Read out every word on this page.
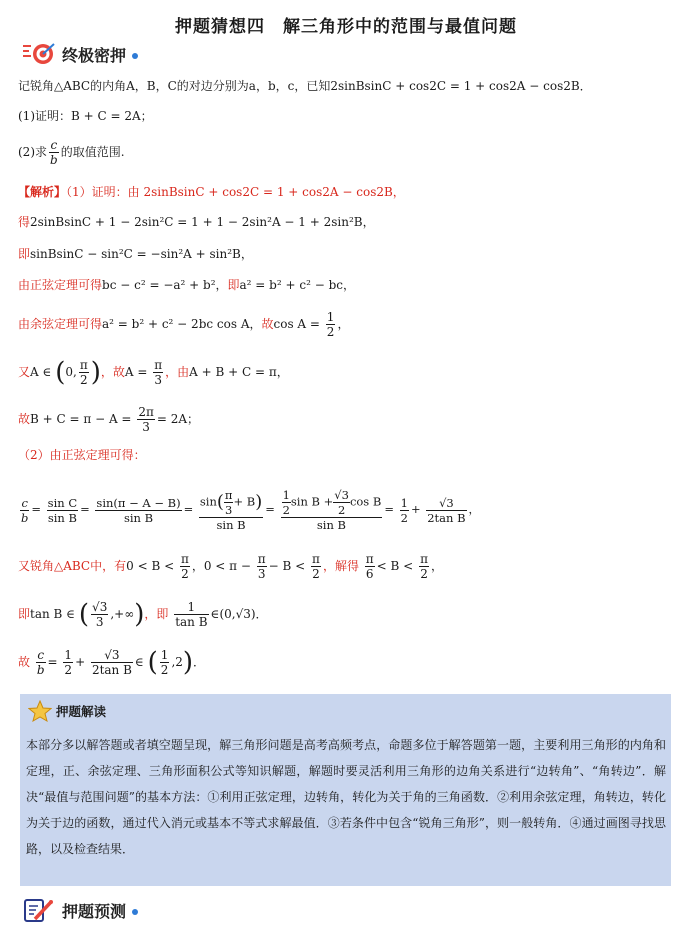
押题猜想四　解三角形中的范围与最值问题
终极密押
记锐角△ABC的内角A，B，C的对边分别为a，b，c，已知2sinBsinC + cos2C = 1 + cos2A − cos2B．
(1)证明：B + C = 2A；
(2)求 $\frac{c}{b}$ 的取值范围.
【解析】（1）证明：由 2sinBsinC + cos2C = 1 + cos2A − cos2B，
得2sinBsinC + 1 − 2sin²C = 1 + 1 − 2sin²A − 1 + 2sin²B，
即sinBsinC − sin²C = −sin²A + sin²B，
由正弦定理可得bc − c² = −a² + b²，即a² = b² + c² − bc，
由余弦定理可得a² = b² + c² − 2bc cos A，故$\cos A = \frac{1}{2}$ ，
又A ∈ (0, $\frac{\pi}{2}$ )，故$A = \frac{\pi}{3}$ ，由A + B + C = π，
故$B + C = \pi - A = \frac{2\pi}{3} = 2A$；
（2）由正弦定理可得：
$\frac{c}{b} = \frac{\text{sin C}}{\text{sin B}} = \frac{\sin(\pi - A - B)}{\text{sin B}} = \frac{\sin( \frac{\pi}{3} + B)}{\text{sin B}} = \frac{\frac{1}{2} \sin B + \frac{√3}{2} \cos B}{\text{sin B}} = \frac{1}{2} + \frac{√3}{\text{2tan B}}$ ，
又锐角△ABC中，有$0 < B < \frac{\pi}{2}$ ，$0 < \pi - \frac{\pi}{3} - B < \frac{\pi}{2}$ ，解得 $\frac{\pi}{6} < B < \frac{\pi}{2}$ ，
即tan B ∈ ( $\frac{√3}{3}$ ,+∞)，即 $\frac{1}{\text{tan B}}$ ∈(0,√3)．
故 $\frac{c}{b} = \frac{1}{2} + \frac{√3}{\text{2tan B}}$ ∈ ( $\frac{1}{2} ,2$)．
押题解读
本部分多以解答题或者填空题呈现，解三角形问题是高考高频考点，命题多位于解答题第一题，主要利用三角形的内角和定理，正、余弦定理、三角形面积公式等知识解题，解题时要灵活利用三角形的边角关系进行“边转角”、“角转边”．解决“最值与范围问题”的基本方法：①利用正弦定理，边转角，转化为关于角的三角函数．②利用余弦定理，角转边，转化为关于边的函数，通过代入消元或基本不等式求解最值．③若条件中包含“锐角三角形”，则一般转角．④通过画图寻找思路，以及检查结果．
押题预测
